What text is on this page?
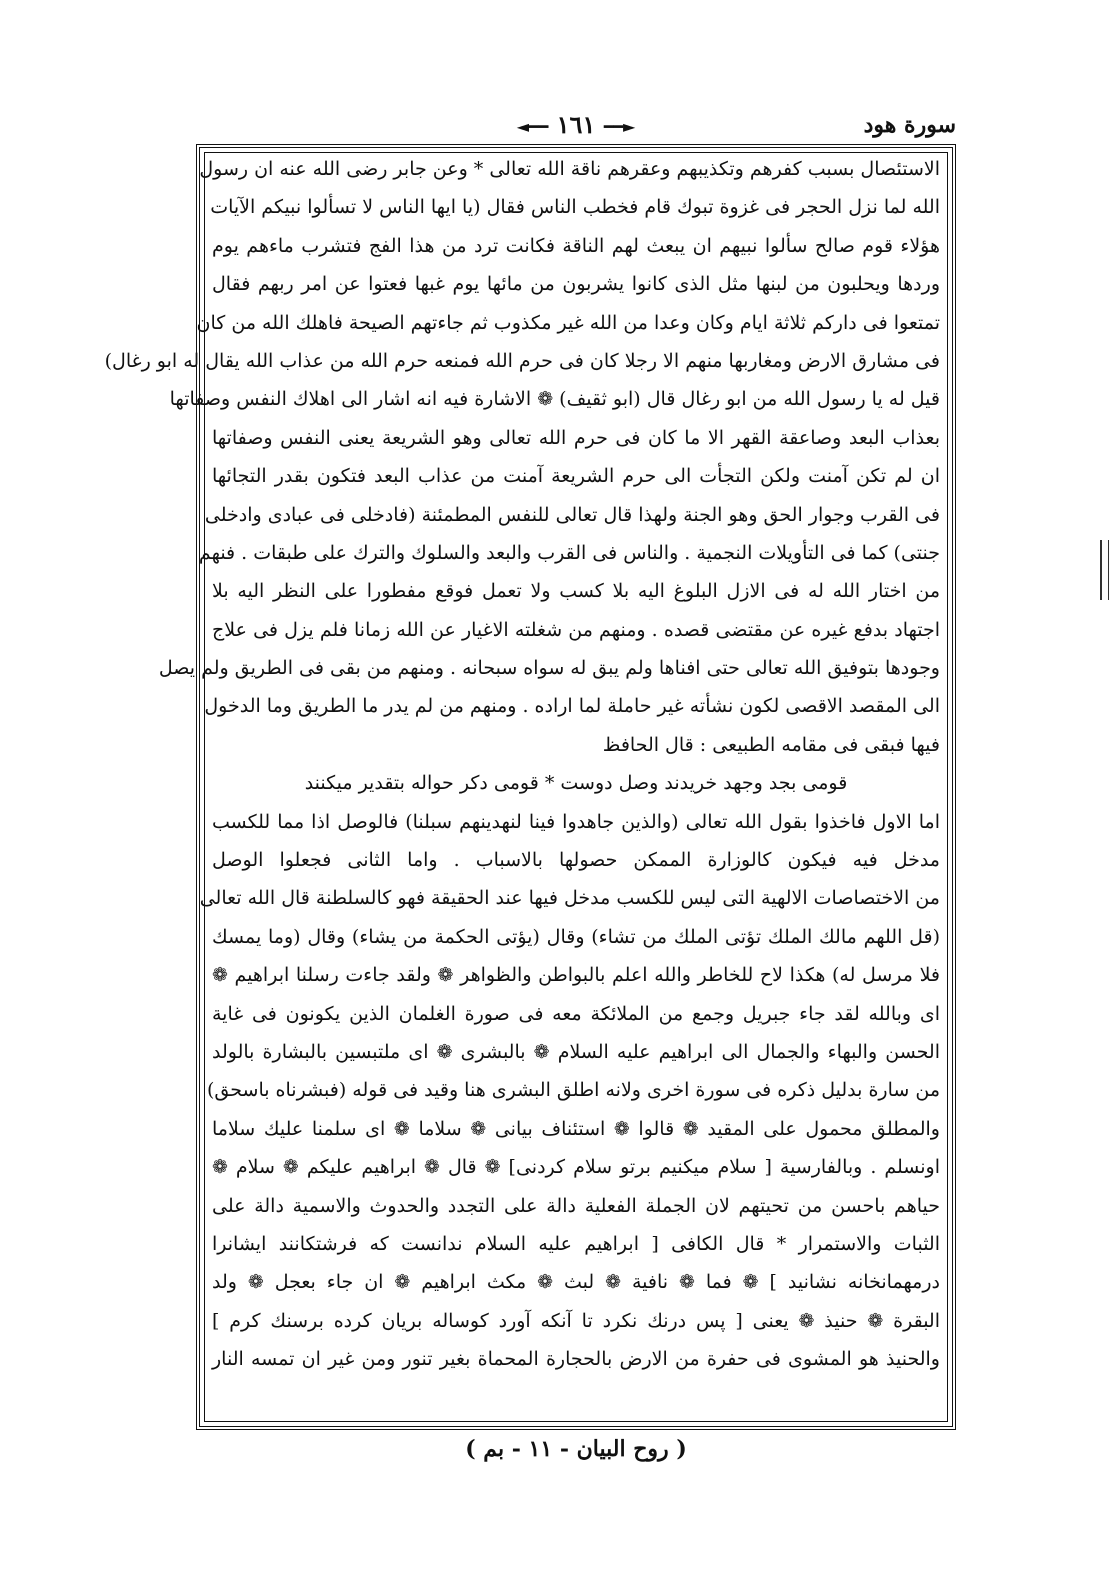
سورة هود
◄━━ ١٦١ ━━►
الاستئصال بسبب كفرهم وتكذيبهم وعقرهم ناقة الله تعالى * وعن جابر رضى الله عنه ان رسول
الله لما نزل الحجر فى غزوة تبوك قام فخطب الناس فقال (يا ايها الناس لا تسألوا نبيكم الآيات
هؤلاء قوم صالح سألوا نبيهم ان يبعث لهم الناقة فكانت ترد من هذا الفج فتشرب ماءهم يوم
وردها ويحلبون من لبنها مثل الذى كانوا يشربون من مائها يوم غبها فعتوا عن امر ربهم فقال
تمتعوا فى داركم ثلاثة ايام وكان وعدا من الله غير مكذوب ثم جاءتهم الصيحة فاهلك الله من كان
فى مشارق الارض ومغاربها منهم الا رجلا كان فى حرم الله فمنعه حرم الله من عذاب الله يقال له ابو رغال)
قيل له يا رسول الله من ابو رغال قال (ابو ثقيف) ❁ الاشارة فيه انه اشار الى اهلاك النفس وصفاتها
بعذاب البعد وصاعقة القهر الا ما كان فى حرم الله تعالى وهو الشريعة يعنى النفس وصفاتها
ان لم تكن آمنت ولكن التجأت الى حرم الشريعة آمنت من عذاب البعد فتكون بقدر التجائها
فى القرب وجوار الحق وهو الجنة ولهذا قال تعالى للنفس المطمئنة (فادخلى فى عبادى وادخلى
جنتى) كما فى التأويلات النجمية . والناس فى القرب والبعد والسلوك والترك على طبقات . فنهم
من اختار الله له فى الازل البلوغ اليه بلا كسب ولا تعمل فوقع مفطورا على النظر اليه بلا
اجتهاد بدفع غيره عن مقتضى قصده . ومنهم من شغلته الاغيار عن الله زمانا فلم يزل فى علاج
وجودها بتوفيق الله تعالى حتى افناها ولم يبق له سواه سبحانه . ومنهم من بقى فى الطريق ولم يصل
الى المقصد الاقصى لكون نشأته غير حاملة لما اراده . ومنهم من لم يدر ما الطريق وما الدخول
فيها فبقى فى مقامه الطبيعى : قال الحافظ
قومى بجد وجهد خريدند وصل دوست * قومى دكر حواله بتقدير ميكنند
اما الاول فاخذوا بقول الله تعالى (والذين جاهدوا فينا لنهدينهم سبلنا) فالوصل اذا مما للكسب
مدخل فيه فيكون كالوزارة الممكن حصولها بالاسباب . واما الثانى فجعلوا الوصل
من الاختصاصات الالهية التى ليس للكسب مدخل فيها عند الحقيقة فهو كالسلطنة قال الله تعالى
(قل اللهم مالك الملك تؤتى الملك من تشاء) وقال (يؤتى الحكمة من يشاء) وقال (وما يمسك
فلا مرسل له) هكذا لاح للخاطر والله اعلم بالبواطن والظواهر ❁ ولقد جاءت رسلنا ابراهيم ❁
اى وبالله لقد جاء جبريل وجمع من الملائكة معه فى صورة الغلمان الذين يكونون فى غاية
الحسن والبهاء والجمال الى ابراهيم عليه السلام ❁ بالبشرى ❁ اى ملتبسين بالبشارة بالولد
من سارة بدليل ذكره فى سورة اخرى ولانه اطلق البشرى هنا وقيد فى قوله (فبشرناه باسحق)
والمطلق محمول على المقيد ❁ قالوا ❁ استئناف بيانى ❁ سلاما ❁ اى سلمنا عليك سلاما
اونسلم . وبالفارسية [ سلام ميكنيم برتو سلام كردنى] ❁ قال ❁ ابراهيم عليكم ❁ سلام ❁
حياهم باحسن من تحيتهم لان الجملة الفعلية دالة على التجدد والحدوث والاسمية دالة على
الثبات والاستمرار * قال الكافى [ ابراهيم عليه السلام ندانست كه فرشتكانند ايشانرا
درمهمانخانه نشانيد ] ❁ فما ❁ نافية ❁ لبث ❁ مكث ابراهيم ❁ ان جاء بعجل ❁ ولد
البقرة ❁ حنيذ ❁ يعنى [ پس درنك نكرد تا آنكه آورد كوساله بريان كرده برسنك كرم ]
والحنيذ هو المشوى فى حفرة من الارض بالحجارة المحماة بغير تنور ومن غير ان تمسه النار
( روح البيان - ١١ - بم )
